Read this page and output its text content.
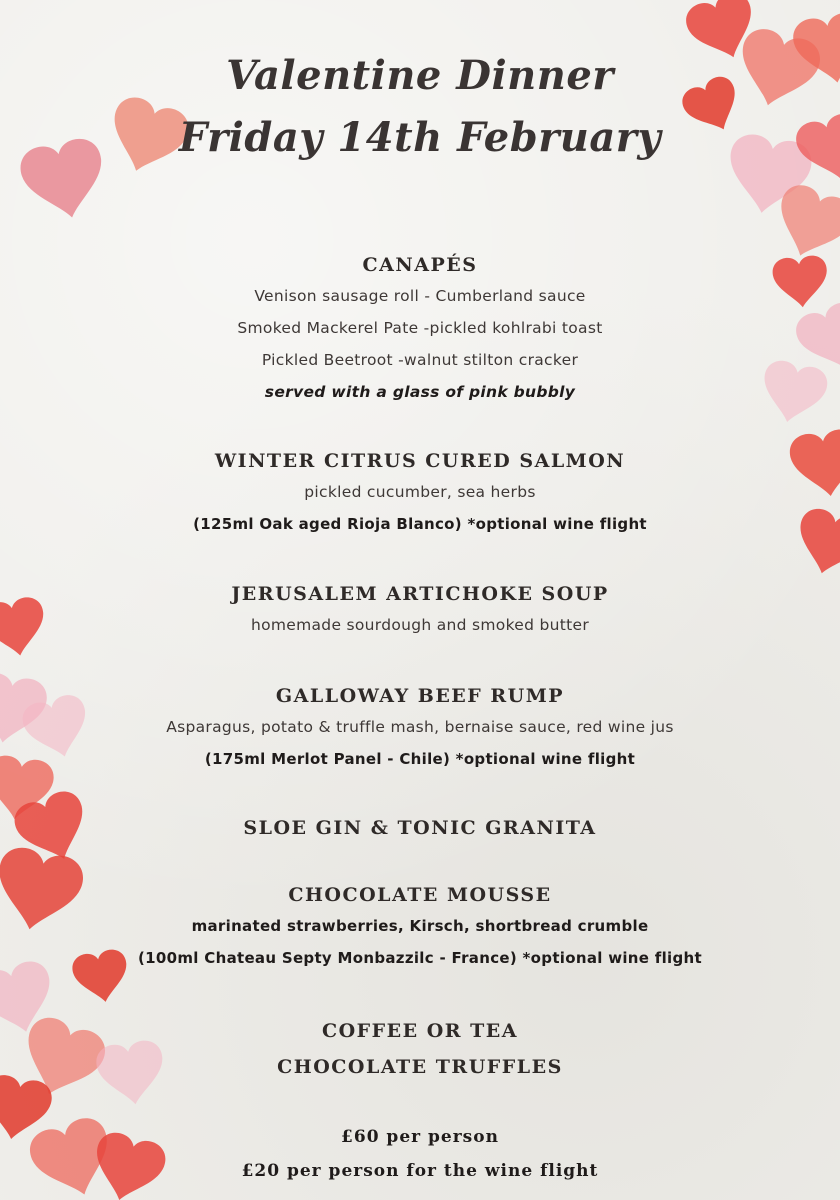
Valentine Dinner
Friday 14th February
CANAPÉS
Venison sausage roll - Cumberland sauce
Smoked Mackerel Pate -pickled kohlrabi toast
Pickled Beetroot -walnut stilton cracker
served with a glass of pink bubbly
WINTER CITRUS CURED SALMON
pickled cucumber, sea herbs
(125ml Oak aged Rioja Blanco) *optional wine flight
JERUSALEM ARTICHOKE SOUP
homemade sourdough and smoked butter
GALLOWAY BEEF RUMP
Asparagus, potato & truffle mash, bernaise sauce, red wine jus
(175ml Merlot Panel - Chile) *optional wine flight
SLOE GIN & TONIC GRANITA
CHOCOLATE MOUSSE
marinated strawberries, Kirsch, shortbread crumble
(100ml Chateau Septy Monbazzilc - France) *optional wine flight
COFFEE OR TEA
CHOCOLATE TRUFFLES
£60 per person
£20 per person for the wine flight
